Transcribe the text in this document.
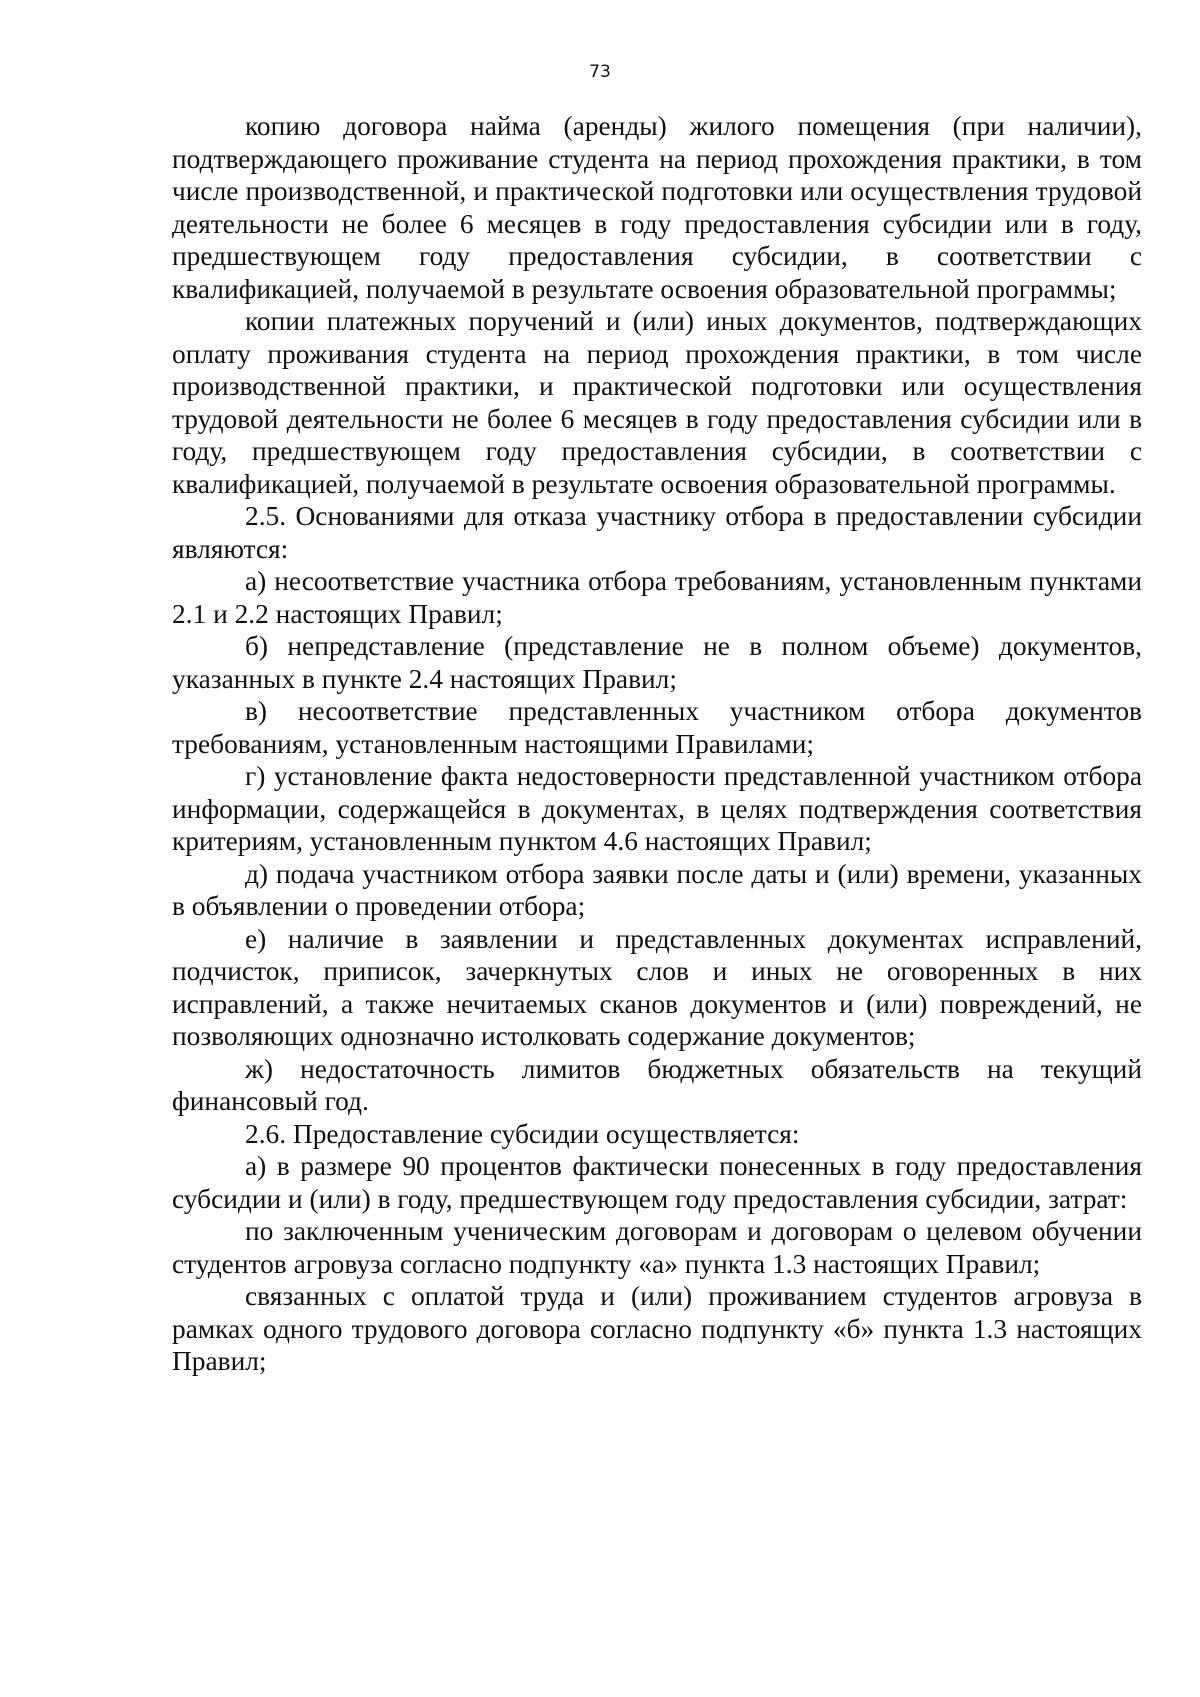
73

копию договора найма (аренды) жилого помещения (при наличии), подтверждающего проживание студента на период прохождения практики, в том числе производственной, и практической подготовки или осуществления трудовой деятельности не более 6 месяцев в году предоставления субсидии или в году, предшествующем году предоставления субсидии, в соответствии с квалификацией, получаемой в результате освоения образовательной программы;

копии платежных поручений и (или) иных документов, подтверждающих оплату проживания студента на период прохождения практики, в том числе производственной практики, и практической подготовки или осуществления трудовой деятельности не более 6 месяцев в году предоставления субсидии или в году, предшествующем году предоставления субсидии, в соответствии с квалификацией, получаемой в результате освоения образовательной программы.

2.5. Основаниями для отказа участнику отбора в предоставлении субсидии являются:

а) несоответствие участника отбора требованиям, установленным пунктами 2.1 и 2.2 настоящих Правил;

б) непредставление (представление не в полном объеме) документов, указанных в пункте 2.4 настоящих Правил;

в) несоответствие представленных участником отбора документов требованиям, установленным настоящими Правилами;

г) установление факта недостоверности представленной участником отбора информации, содержащейся в документах, в целях подтверждения соответствия критериям, установленным пунктом 4.6 настоящих Правил;

д) подача участником отбора заявки после даты и (или) времени, указанных в объявлении о проведении отбора;

е) наличие в заявлении и представленных документах исправлений, подчисток, приписок, зачеркнутых слов и иных не оговоренных в них исправлений, а также нечитаемых сканов документов и (или) повреждений, не позволяющих однозначно истолковать содержание документов;

ж) недостаточность лимитов бюджетных обязательств на текущий финансовый год.

2.6. Предоставление субсидии осуществляется:

а) в размере 90 процентов фактически понесенных в году предоставления субсидии и (или) в году, предшествующем году предоставления субсидии, затрат:

по заключенным ученическим договорам и договорам о целевом обучении студентов агровуза согласно подпункту «а» пункта 1.3 настоящих Правил;

связанных с оплатой труда и (или) проживанием студентов агровуза в рамках одного трудового договора согласно подпункту «б» пункта 1.3 настоящих Правил;
